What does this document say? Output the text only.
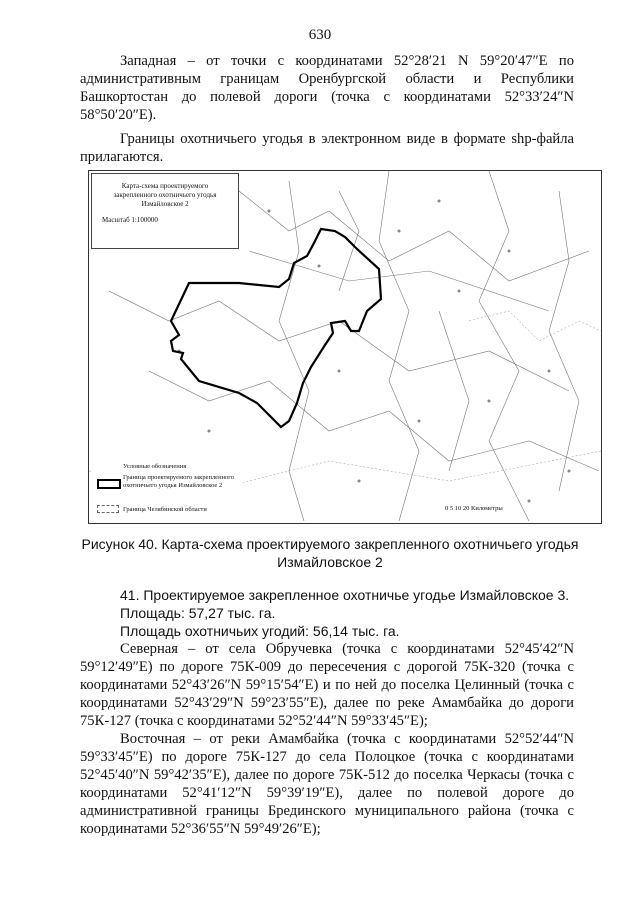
630

Западная – от точки с координатами 52°28′21 N 59°20′47″E по административным границам Оренбургской области и Республики Башкортостан до полевой дороги (точка с координатами 52°33′24″N 58°50′20″E).

Границы охотничьего угодья в электронном виде в формате shp-файла прилагаются.

Карта-схема проектируемого
закрепленного охотничьего угодья
Измайловское 2
Масштаб 1:100000
Условные обозначения
Граница проектируемого закрепленного охотничьего угодья Измайловское 2
Граница Челябинской области	0 5 10 20 Километры

Рисунок 40. Карта-схема проектируемого закрепленного охотничьего угодья Измайловское 2

41. Проектируемое закрепленное охотничье угодье Измайловское 3.

Площадь: 57,27 тыс. га.

Площадь охотничьих угодий: 56,14 тыс. га.

Северная – от села Обручевка (точка с координатами 52°45′42″N 59°12′49″E) по дороге 75К-009 до пересечения с дорогой 75К-320 (точка с координатами 52°43′26″N 59°15′54″E) и по ней до поселка Целинный (точка с координатами 52°43′29″N 59°23′55″E), далее по реке Амамбайка до дороги 75К-127 (точка с координатами 52°52′44″N 59°33′45″E);

Восточная – от реки Амамбайка (точка с координатами 52°52′44″N 59°33′45″E) по дороге 75К-127 до села Полоцкое (точка с координатами 52°45′40″N 59°42′35″E), далее по дороге 75К-512 до поселка Черкасы (точка с координатами 52°41′12″N 59°39′19″E), далее по полевой дороге до административной границы Брединского муниципального района (точка с координатами 52°36′55″N 59°49′26″E);
